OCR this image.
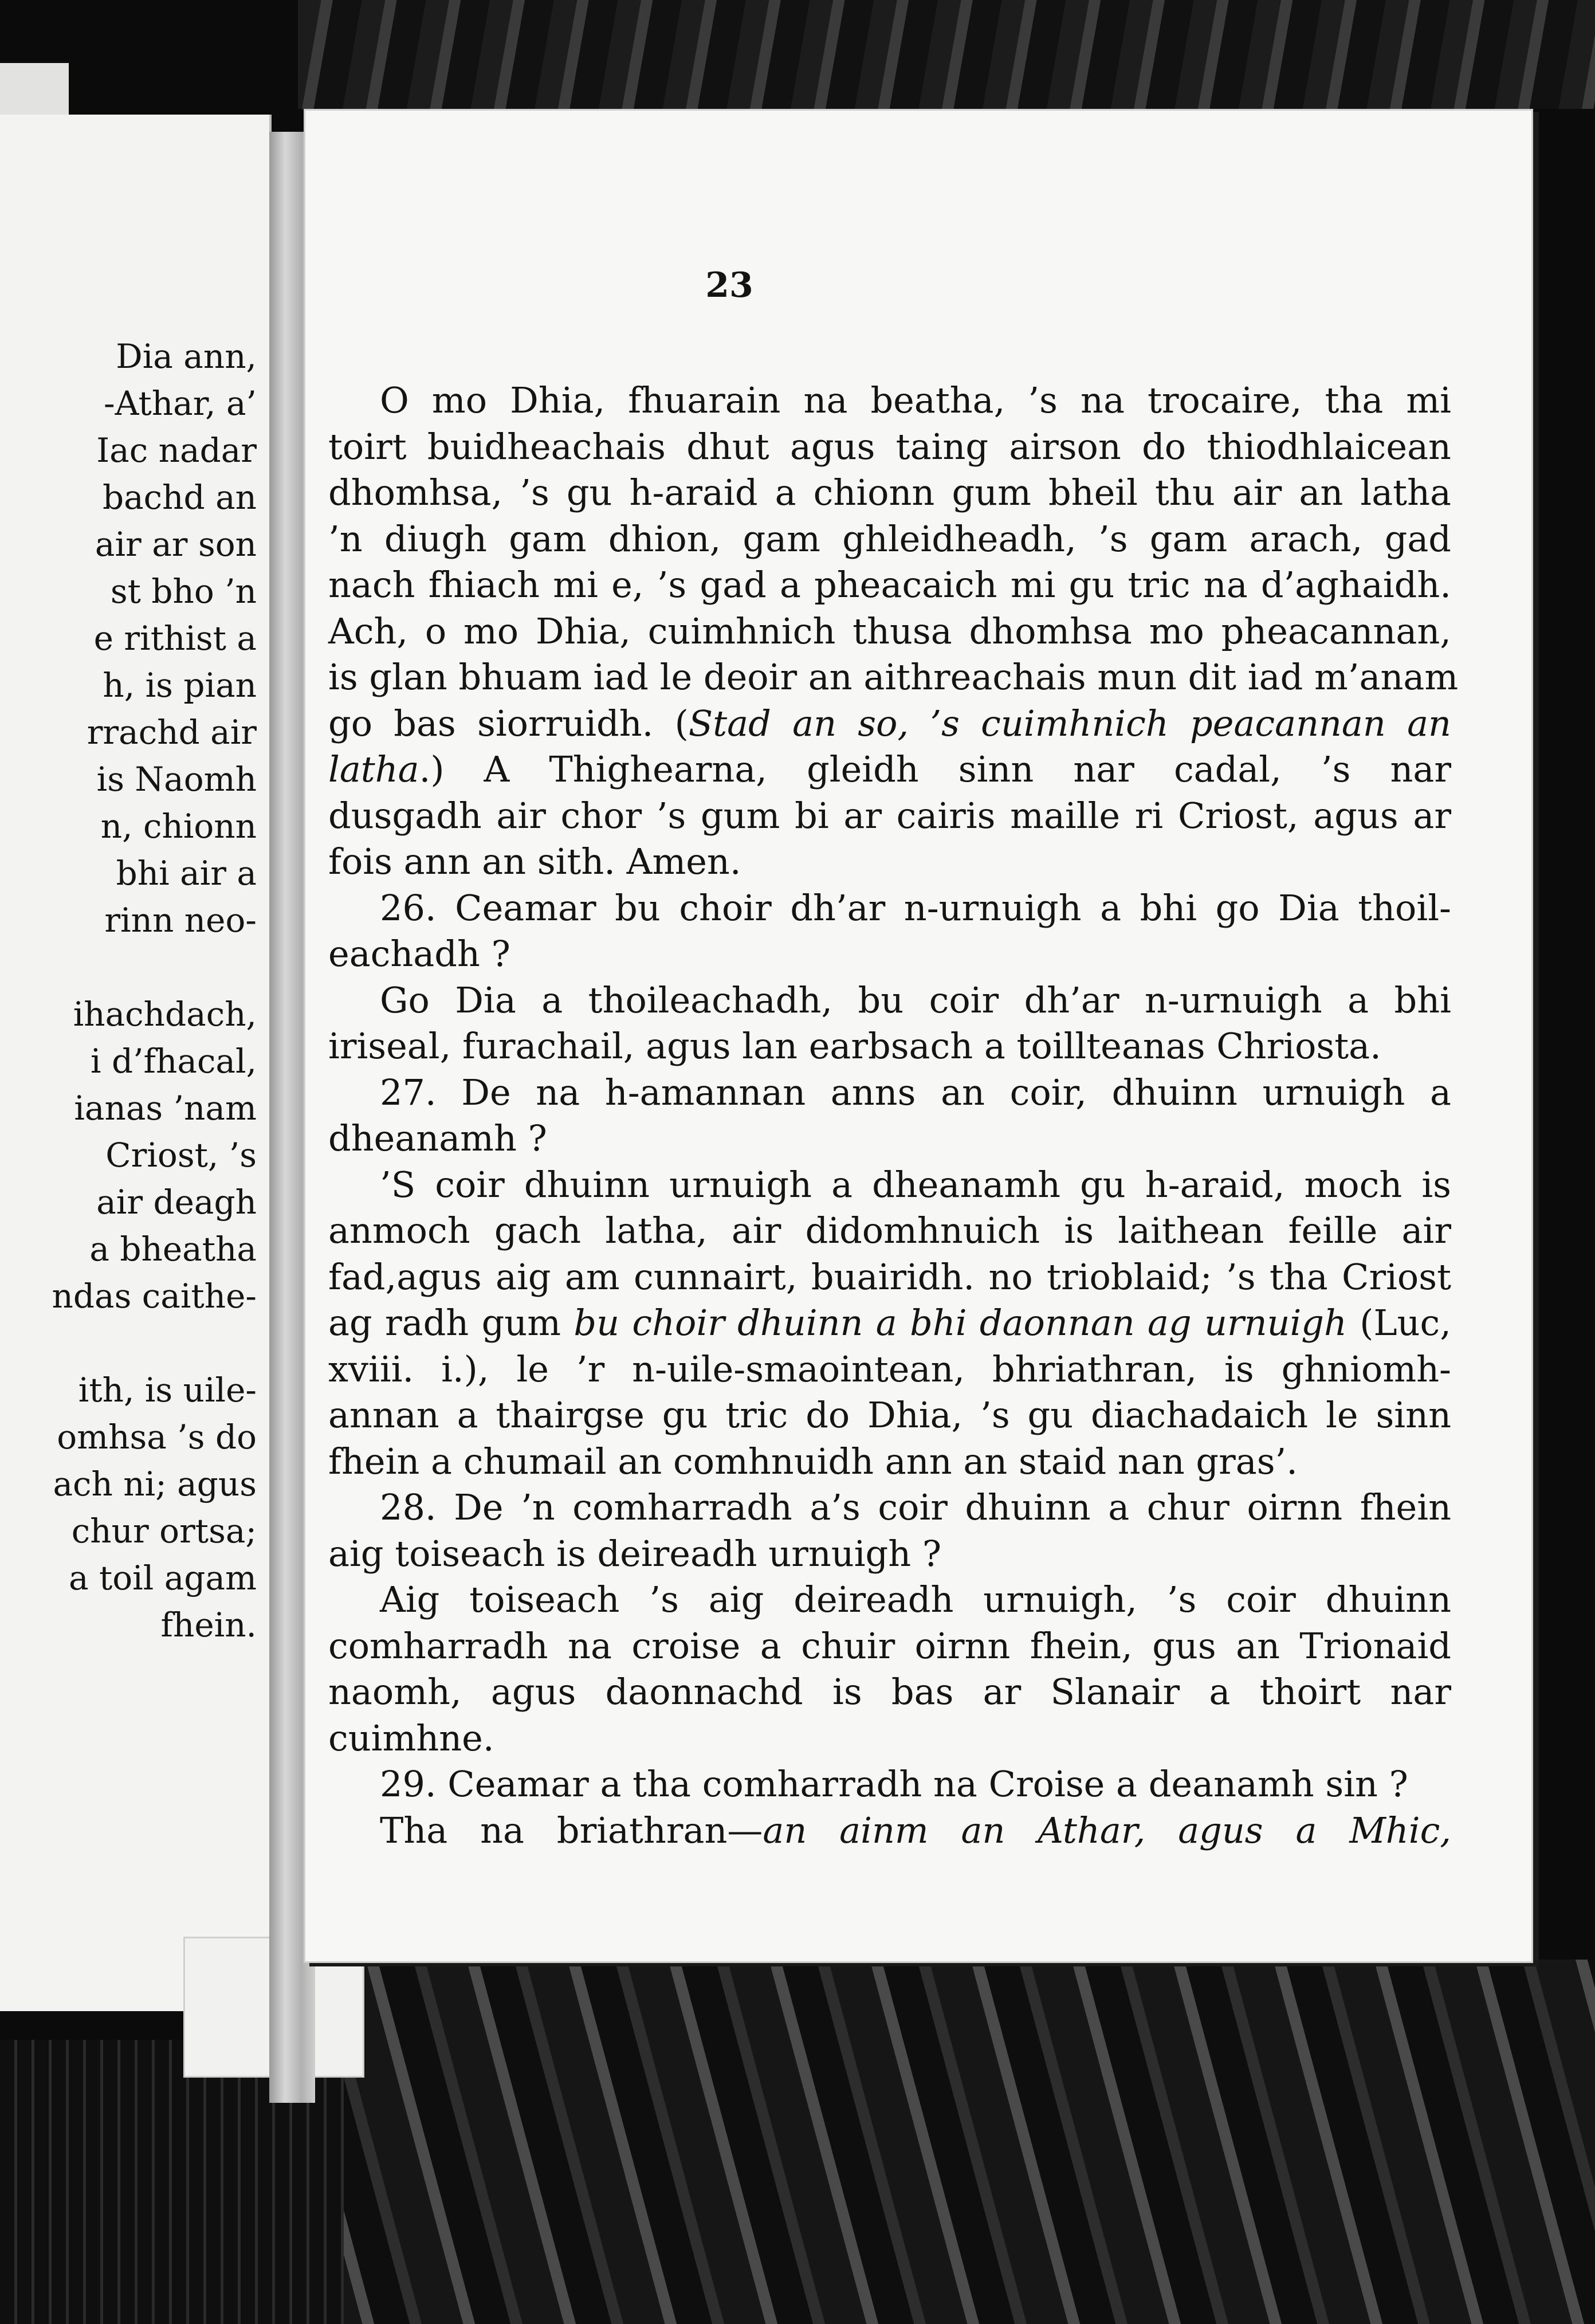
Dia ann,

-Athar, a’

Iac nadar

bachd an

air ar son

st bho ’n

e rithist a

h, is pian

rrachd air

is Naomh

n, chionn

bhi air a

rinn neo-

ihachdach,

i d’fhacal,

ianas ’nam

Criost, ’s

air deagh

a bheatha

ndas caithe-

ith, is uile-

omhsa ’s do

ach ni; agus

chur ortsa;

a toil agam

fhein.

23

O mo Dhia, fhuarain na beatha, ’s na trocaire, tha mi

toirt buidheachais dhut agus taing airson do thiodhlaicean

dhomhsa, ’s gu h-araid a chionn gum bheil thu air an latha

’n diugh gam dhion, gam ghleidheadh, ’s gam arach, gad

nach fhiach mi e, ’s gad a pheacaich mi gu tric na d’aghaidh.

Ach, o mo Dhia, cuimhnich thusa dhomhsa mo pheacannan,

is glan bhuam iad le deoir an aithreachais mun dit iad m’anam

go bas siorruidh. (Stad an so, ’s cuimhnich peacannan an

latha.) A Thighearna, gleidh sinn nar cadal, ’s nar

dusgadh air chor ’s gum bi ar cairis maille ri Criost, agus ar

fois ann an sith. Amen.

26. Ceamar bu choir dh’ar n-urnuigh a bhi go Dia thoil-

eachadh ?

Go Dia a thoileachadh, bu coir dh’ar n-urnuigh a bhi

iriseal, furachail, agus lan earbsach a toillteanas Chriosta.

27. De na h-amannan anns an coir, dhuinn urnuigh a

dheanamh ?

’S coir dhuinn urnuigh a dheanamh gu h-araid, moch is

anmoch gach latha, air didomhnuich is laithean feille air

fad,agus aig am cunnairt, buairidh. no trioblaid; ’s tha Criost

ag radh gum bu choir dhuinn a bhi daonnan ag urnuigh (Luc,

xviii. i.), le ’r n-uile-smaointean, bhriathran, is ghniomh-

annan a thairgse gu tric do Dhia, ’s gu diachadaich le sinn

fhein a chumail an comhnuidh ann an staid nan gras’.

28. De ’n comharradh a’s coir dhuinn a chur oirnn fhein

aig toiseach is deireadh urnuigh ?

Aig toiseach ’s aig deireadh urnuigh, ’s coir dhuinn

comharradh na croise a chuir oirnn fhein, gus an Trionaid

naomh, agus daonnachd is bas ar Slanair a thoirt nar

cuimhne.

29. Ceamar a tha comharradh na Croise a deanamh sin ?

Tha na briathran—an ainm an Athar, agus a Mhic,
